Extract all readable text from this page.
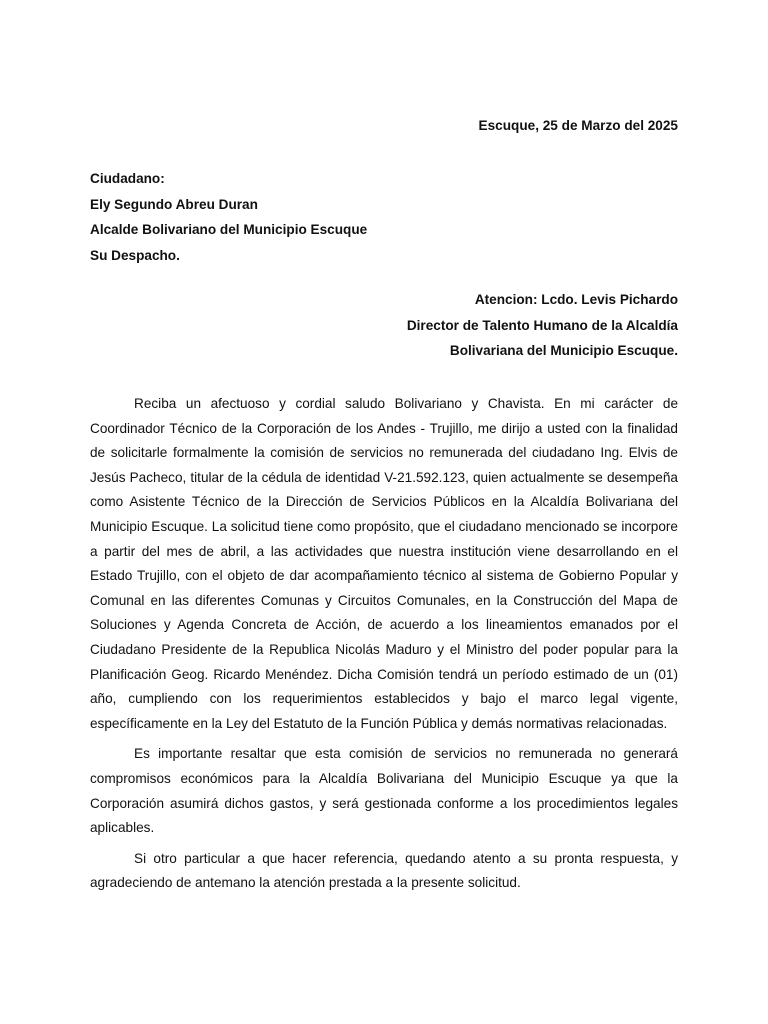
Escuque, 25 de Marzo del 2025
Ciudadano:
Ely Segundo Abreu Duran
Alcalde Bolivariano del Municipio Escuque
Su Despacho.
Atencion: Lcdo. Levis Pichardo
Director de Talento Humano de la Alcaldía
Bolivariana del Municipio Escuque.

Reciba un afectuoso y cordial saludo Bolivariano y Chavista. En mi carácter de Coordinador Técnico de la Corporación de los Andes - Trujillo, me dirijo a usted con la finalidad de solicitarle formalmente la comisión de servicios no remunerada del ciudadano Ing. Elvis de Jesús Pacheco, titular de la cédula de identidad V-21.592.123, quien actualmente se desempeña como Asistente Técnico de la Dirección de Servicios Públicos en la Alcaldía Bolivariana del Municipio Escuque. La solicitud tiene como propósito, que el ciudadano mencionado se incorpore a partir del mes de abril, a las actividades que nuestra institución viene desarrollando en el Estado Trujillo, con el objeto de dar acompañamiento técnico al sistema de Gobierno Popular y Comunal en las diferentes Comunas y Circuitos Comunales, en la Construcción del Mapa de Soluciones y Agenda Concreta de Acción, de acuerdo a los lineamientos emanados por el Ciudadano Presidente de la Republica Nicolás Maduro y el Ministro del poder popular para la Planificación Geog. Ricardo Menéndez. Dicha Comisión tendrá un período estimado de un (01) año, cumpliendo con los requerimientos establecidos y bajo el marco legal vigente, específicamente en la Ley del Estatuto de la Función Pública y demás normativas relacionadas.

Es importante resaltar que esta comisión de servicios no remunerada no generará compromisos económicos para la Alcaldía Bolivariana del Municipio Escuque ya que la Corporación asumirá dichos gastos, y será gestionada conforme a los procedimientos legales aplicables.

Si otro particular a que hacer referencia, quedando atento a su pronta respuesta, y agradeciendo de antemano la atención prestada a la presente solicitud.
